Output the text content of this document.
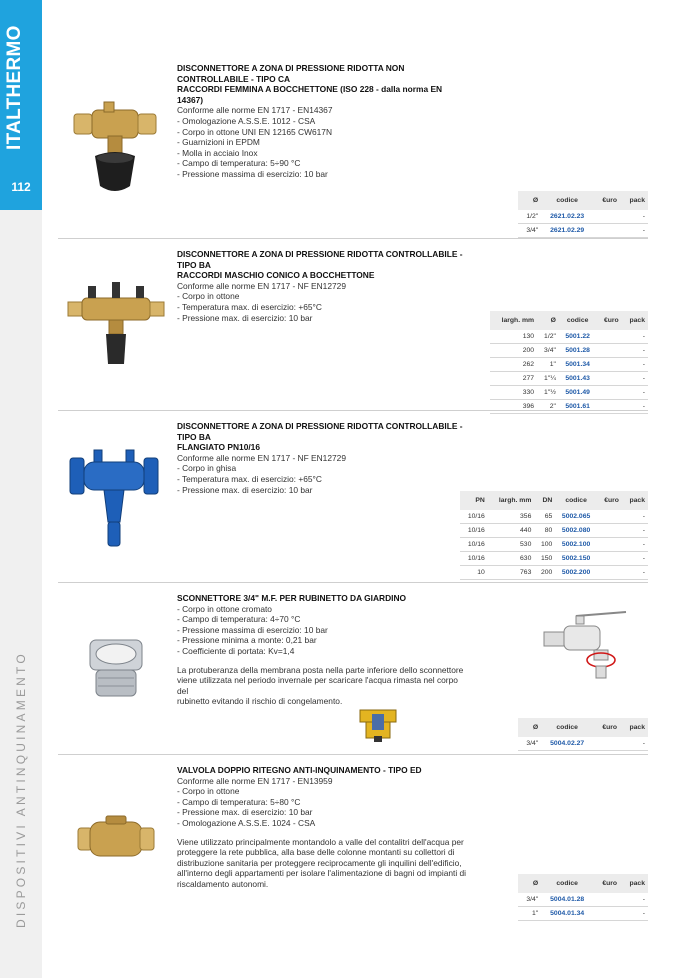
ITALTHERMO
112
DISPOSITIVI ANTINQUINAMENTO
DISCONNETTORE A ZONA DI PRESSIONE RIDOTTA NON CONTROLLABILE - TIPO CA
RACCORDI FEMMINA A BOCCHETTONE (ISO 228 - dalla norma EN 14367)
Conforme alle norme EN 1717 - EN14367
- Omologazione A.S.S.E. 1012 - CSA
- Corpo in ottone UNI EN 12165 CW617N
- Guarnizioni in EPDM
- Molla in acciaio Inox
- Campo di temperatura: 5÷90 °C
- Pressione massima di esercizio: 10 bar
Ø	codice	€uro	pack
1/2"	2621.02.23		-
3/4"	2621.02.29		-
DISCONNETTORE A ZONA DI PRESSIONE RIDOTTA CONTROLLABILE - TIPO BA
RACCORDI MASCHIO CONICO A BOCCHETTONE
Conforme alle norme EN 1717 - NF EN12729
- Corpo in ottone
- Temperatura max. di esercizio: +65°C
- Pressione max. di esercizio: 10 bar	largh. mm	Ø	codice	€uro	pack
130	1/2"	5001.22		-
200	3/4"	5001.28		-
262	1"	5001.34		-
277	1"¼	5001.43		-
330	1"½	5001.49		-
396	2"	5001.61		-
DISCONNETTORE A ZONA DI PRESSIONE RIDOTTA CONTROLLABILE - TIPO BA
FLANGIATO PN10/16
Conforme alle norme EN 1717 - NF EN12729
- Corpo in ghisa
- Temperatura max. di esercizio: +65°C
- Pressione max. di esercizio: 10 bar
PN	largh. mm	DN	codice	€uro	pack
10/16	356	65	5002.065		-
10/16	440	80	5002.080		-
10/16	530	100	5002.100		-
10/16	630	150	5002.150		-
10	763	200	5002.200		-
SCONNETTORE 3/4" M.F. PER RUBINETTO DA GIARDINO
- Corpo in ottone cromato
- Campo di temperatura: 4÷70 °C
- Pressione massima di esercizio: 10 bar
- Pressione minima a monte: 0,21 bar
- Coefficiente di portata: Kv=1,4
La protuberanza della membrana posta nella parte inferiore dello sconnettore
viene utilizzata nel periodo invernale per scaricare l'acqua rimasta nel corpo del
rubinetto evitando il rischio di congelamento.
Ø	codice	€uro	pack
3/4"	5004.02.27		-
VALVOLA DOPPIO RITEGNO ANTI-INQUINAMENTO - TIPO ED
Conforme alle norme EN 1717 - EN13959
- Corpo in ottone
- Campo di temperatura: 5÷80 °C
- Pressione max. di esercizio: 10 bar
- Omologazione A.S.S.E. 1024 - CSA
Viene utilizzato principalmente montandolo a valle del contalitri dell'acqua per
proteggere la rete pubblica, alla base delle colonne montanti su collettori di
distribuzione sanitaria per proteggere reciprocamente gli inquilini dell'edificio,
all'interno degli appartamenti per isolare l'alimentazione di bagni od impianti di
riscaldamento autonomi.	Ø	codice	€uro	pack
3/4"	5004.01.28		-
1"	5004.01.34		-
